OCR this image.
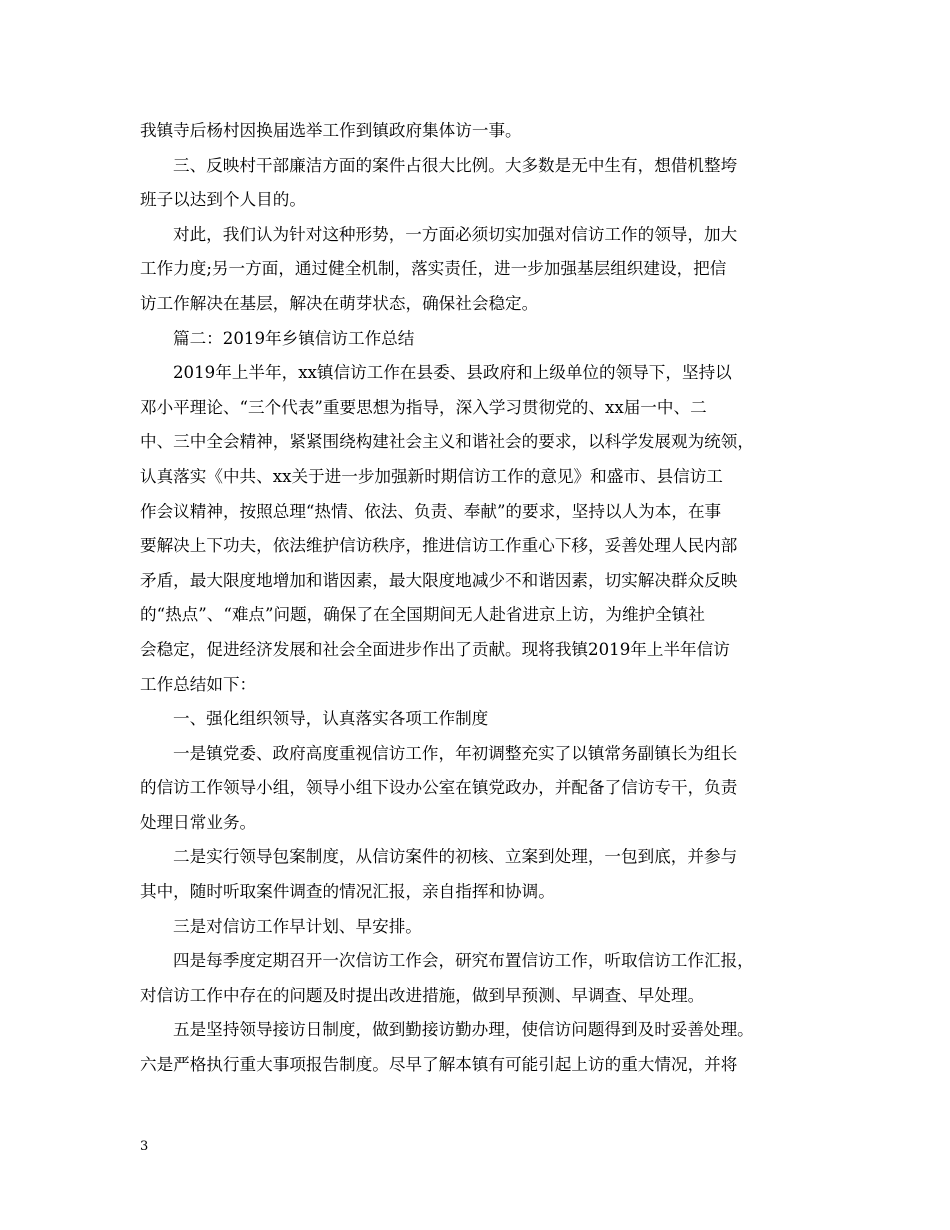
我镇寺后杨村因换届选举工作到镇政府集体访一事。
三、反映村干部廉洁方面的案件占很大比例。大多数是无中生有，想借机整垮
班子以达到个人目的。
对此，我们认为针对这种形势，一方面必须切实加强对信访工作的领导，加大
工作力度;另一方面，通过健全机制，落实责任，进一步加强基层组织建设，把信
访工作解决在基层，解决在萌芽状态，确保社会稳定。
篇二：2019年乡镇信访工作总结
2019年上半年，xx镇信访工作在县委、县政府和上级单位的领导下，坚持以
邓小平理论、“三个代表”重要思想为指导，深入学习贯彻党的、xx届一中、二
中、三中全会精神，紧紧围绕构建社会主义和谐社会的要求，以科学发展观为统领，
认真落实《中共、xx关于进一步加强新时期信访工作的意见》和盛市、县信访工
作会议精神，按照总理“热情、依法、负责、奉献”的要求，坚持以人为本，在事
要解决上下功夫，依法维护信访秩序，推进信访工作重心下移，妥善处理人民内部
矛盾，最大限度地增加和谐因素，最大限度地减少不和谐因素，切实解决群众反映
的“热点”、“难点”问题，确保了在全国期间无人赴省进京上访，为维护全镇社
会稳定，促进经济发展和社会全面进步作出了贡献。现将我镇2019年上半年信访
工作总结如下：
一、强化组织领导，认真落实各项工作制度
一是镇党委、政府高度重视信访工作，年初调整充实了以镇常务副镇长为组长
的信访工作领导小组，领导小组下设办公室在镇党政办，并配备了信访专干，负责
处理日常业务。
二是实行领导包案制度，从信访案件的初核、立案到处理，一包到底，并参与
其中，随时听取案件调查的情况汇报，亲自指挥和协调。
三是对信访工作早计划、早安排。
四是每季度定期召开一次信访工作会，研究布置信访工作，听取信访工作汇报，
对信访工作中存在的问题及时提出改进措施，做到早预测、早调查、早处理。
五是坚持领导接访日制度，做到勤接访勤办理，使信访问题得到及时妥善处理。
六是严格执行重大事项报告制度。尽早了解本镇有可能引起上访的重大情况，并将
3
